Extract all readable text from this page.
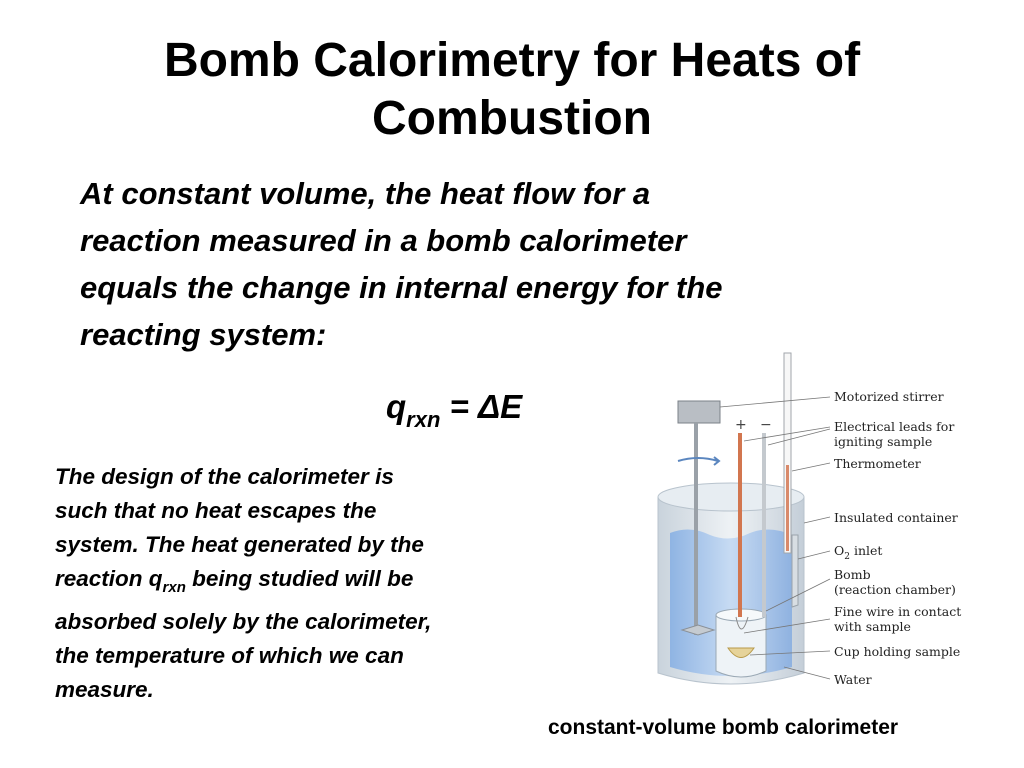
Bomb Calorimetry for Heats of
Combustion

At constant volume, the heat flow for a
reaction measured in a bomb calorimeter
equals the change in internal energy for the
reacting system:

$q_{rxn} = \Delta E$

The design of the calorimeter is
such that no heat escapes the
system. The heat generated by the
reaction $q_{rxn}$ being studied will be
absorbed solely by the calorimeter,
the temperature of which we can
measure.

+ −
Motorized stirrer
Electrical leads for
igniting sample
Thermometer
Insulated container
$O_2$ inlet
Bomb
(reaction chamber)
Fine wire in contact
with sample
Cup holding sample
Water
constant-volume bomb calorimeter
